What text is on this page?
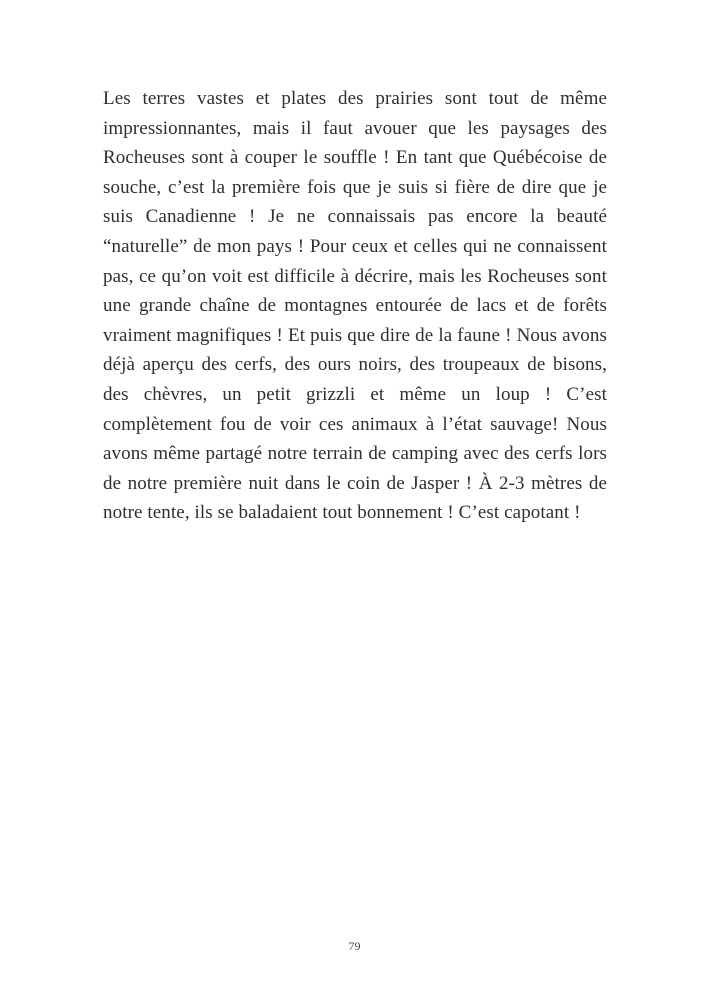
Les terres vastes et plates des prairies sont tout de même impressionnantes, mais il faut avouer que les paysages des Rocheuses sont à couper le souffle ! En tant que Québécoise de souche, c’est la première fois que je suis si fière de dire que je suis Canadienne ! Je ne connaissais pas encore la beauté “naturelle” de mon pays ! Pour ceux et celles qui ne connaissent pas, ce qu’on voit est difficile à décrire, mais les Rocheuses sont une grande chaîne de montagnes entourée de lacs et de forêts vraiment magnifiques ! Et puis que dire de la faune ! Nous avons déjà aperçu des cerfs, des ours noirs, des troupeaux de bisons, des chèvres, un petit grizzli et même un loup ! C’est complètement fou de voir ces animaux à l’état sauvage! Nous avons même partagé notre terrain de camping avec des cerfs lors de notre première nuit dans le coin de Jasper ! À 2-3 mètres de notre tente, ils se baladaient tout bonnement ! C’est capotant !

79
